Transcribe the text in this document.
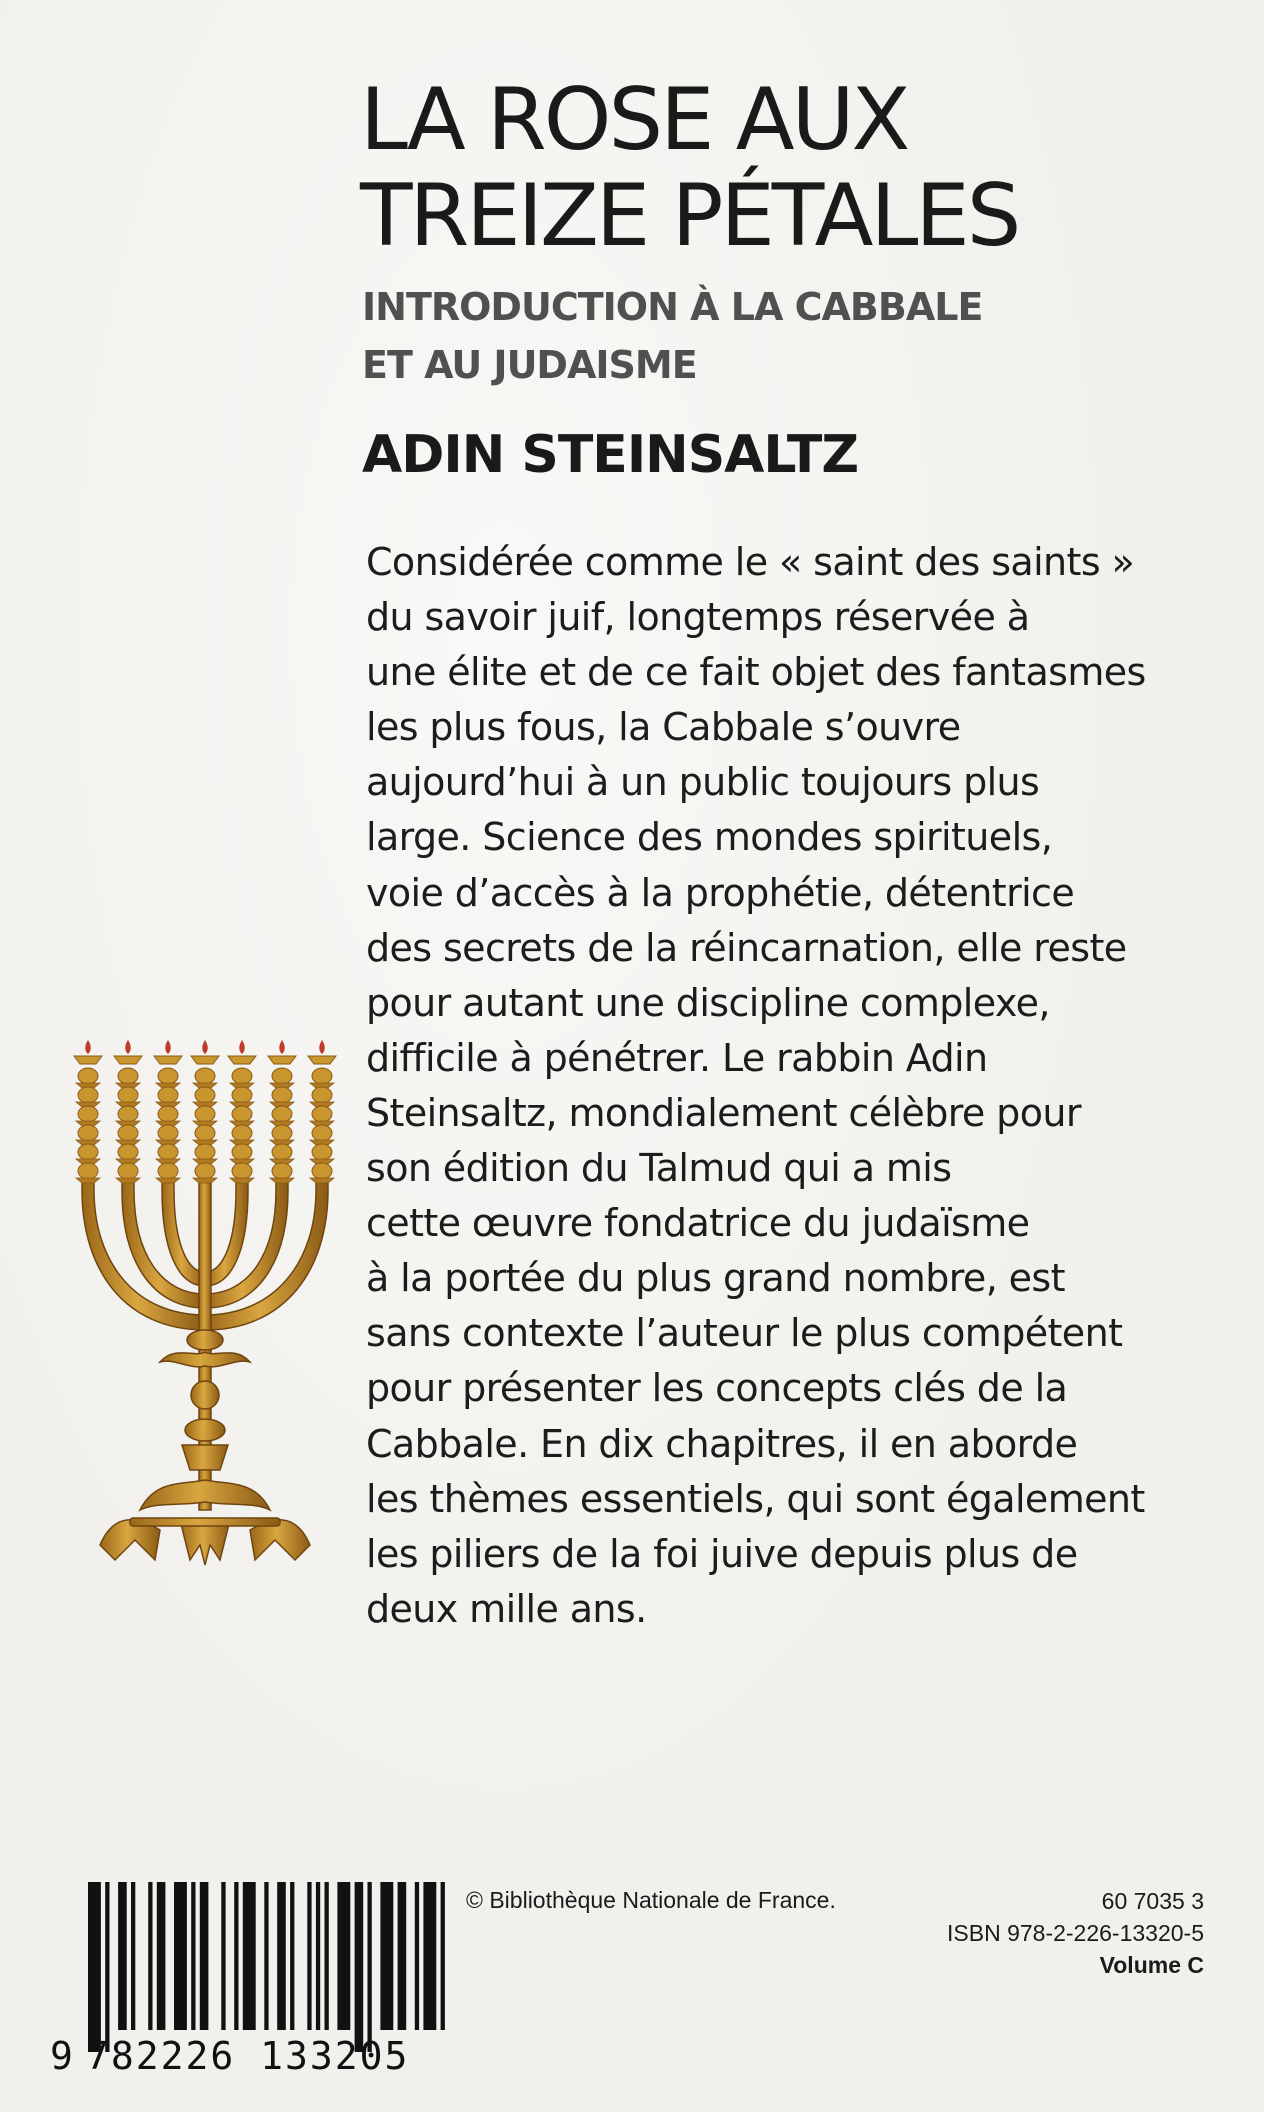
LA ROSE AUX
TREIZE PÉTALES
INTRODUCTION À LA CABBALE
ET AU JUDAISME
ADIN STEINSALTZ

Considérée comme le « saint des saints »
du savoir juif, longtemps réservée à
une élite et de ce fait objet des fantasmes
les plus fous, la Cabbale s’ouvre
aujourd’hui à un public toujours plus
large. Science des mondes spirituels,
voie d’accès à la prophétie, détentrice
des secrets de la réincarnation, elle reste
pour autant une discipline complexe,
difficile à pénétrer. Le rabbin Adin
Steinsaltz, mondialement célèbre pour
son édition du Talmud qui a mis
cette œuvre fondatrice du judaïsme
à la portée du plus grand nombre, est
sans contexte l’auteur le plus compétent
pour présenter les concepts clés de la
Cabbale. En dix chapitres, il en aborde
les thèmes essentiels, qui sont également
les piliers de la foi juive depuis plus de
deux mille ans.

9 782226 133205
© Bibliothèque Nationale de France.	60 7035 3
ISBN 978-2-226-13320-5
Volume C
